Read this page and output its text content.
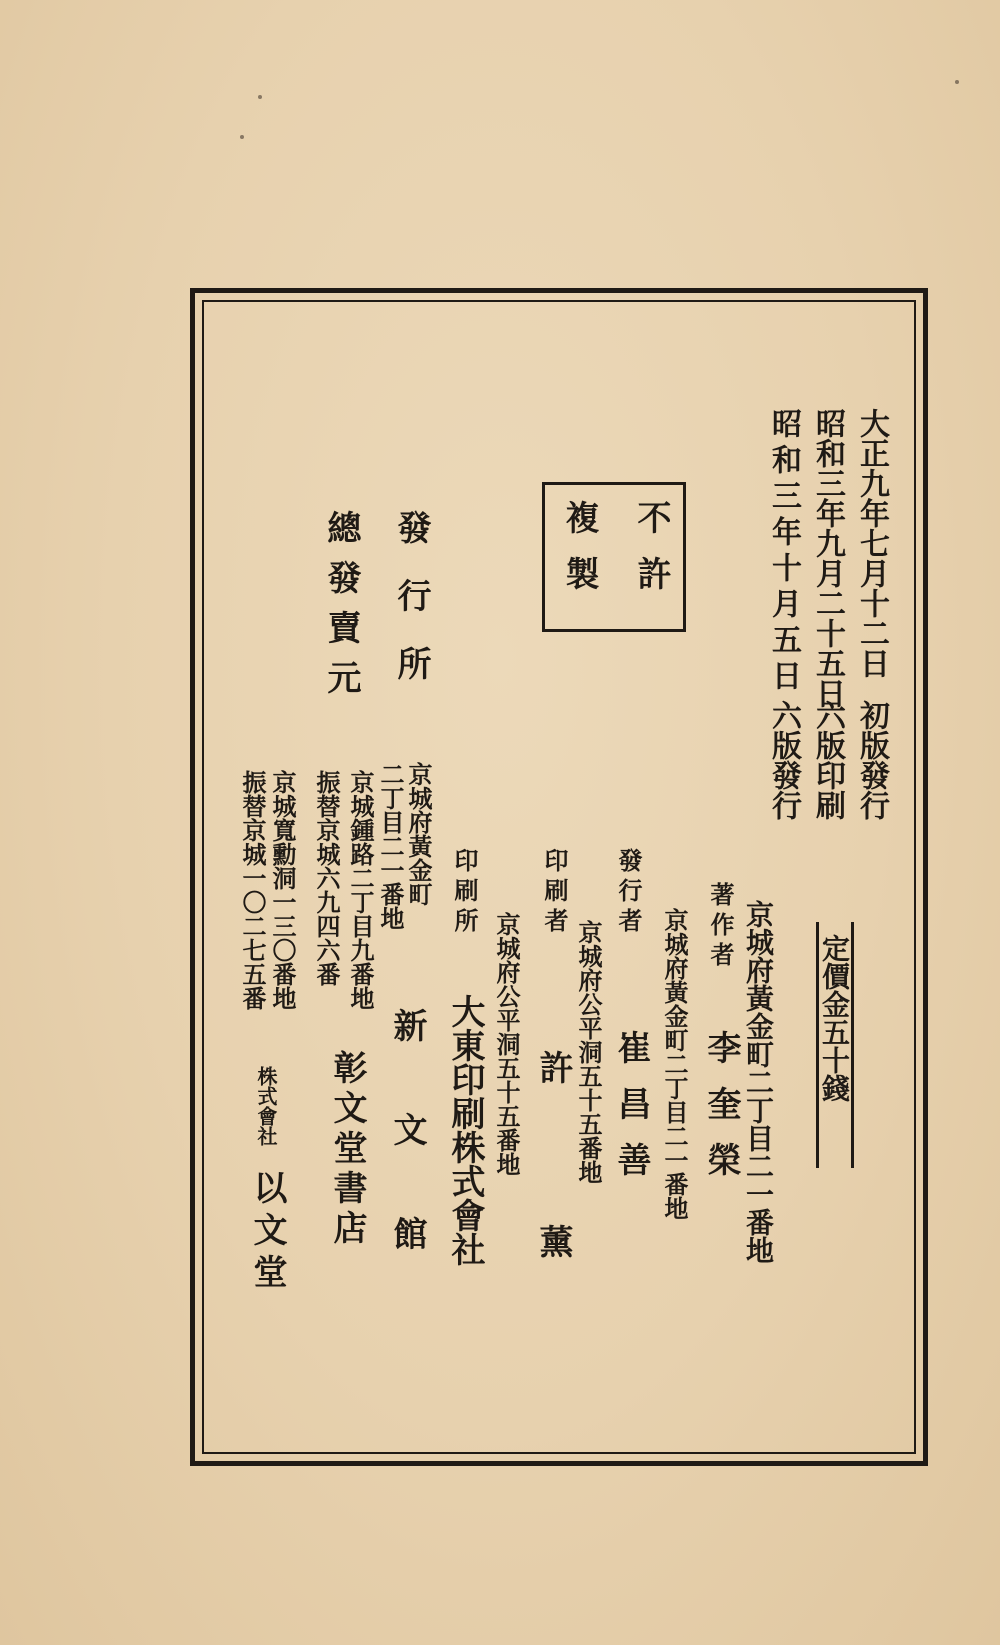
大正九年七月十二日
初版發行
昭和三年九月二十五日
六版印刷
昭和三年十月五日
六版發行
定價金五十錢
不許
複製
京城府黃金町二丁目二一番地
著作者
李奎榮
京城府黃金町二丁目二一番地
發行者
崔昌善
京城府公平洞五十五番地
印刷者
許薰
京城府公平洞五十五番地
印刷所
大東印刷株式會社
發行所
京城府黃金町
二丁目二一番地
新文館
京城鍾路二丁目九番地
振替京城六九四六番
彰文堂書店
總發賣元
京城寬勳洞一三〇番地
振替京城一〇二七五番
株式會社
以文堂
